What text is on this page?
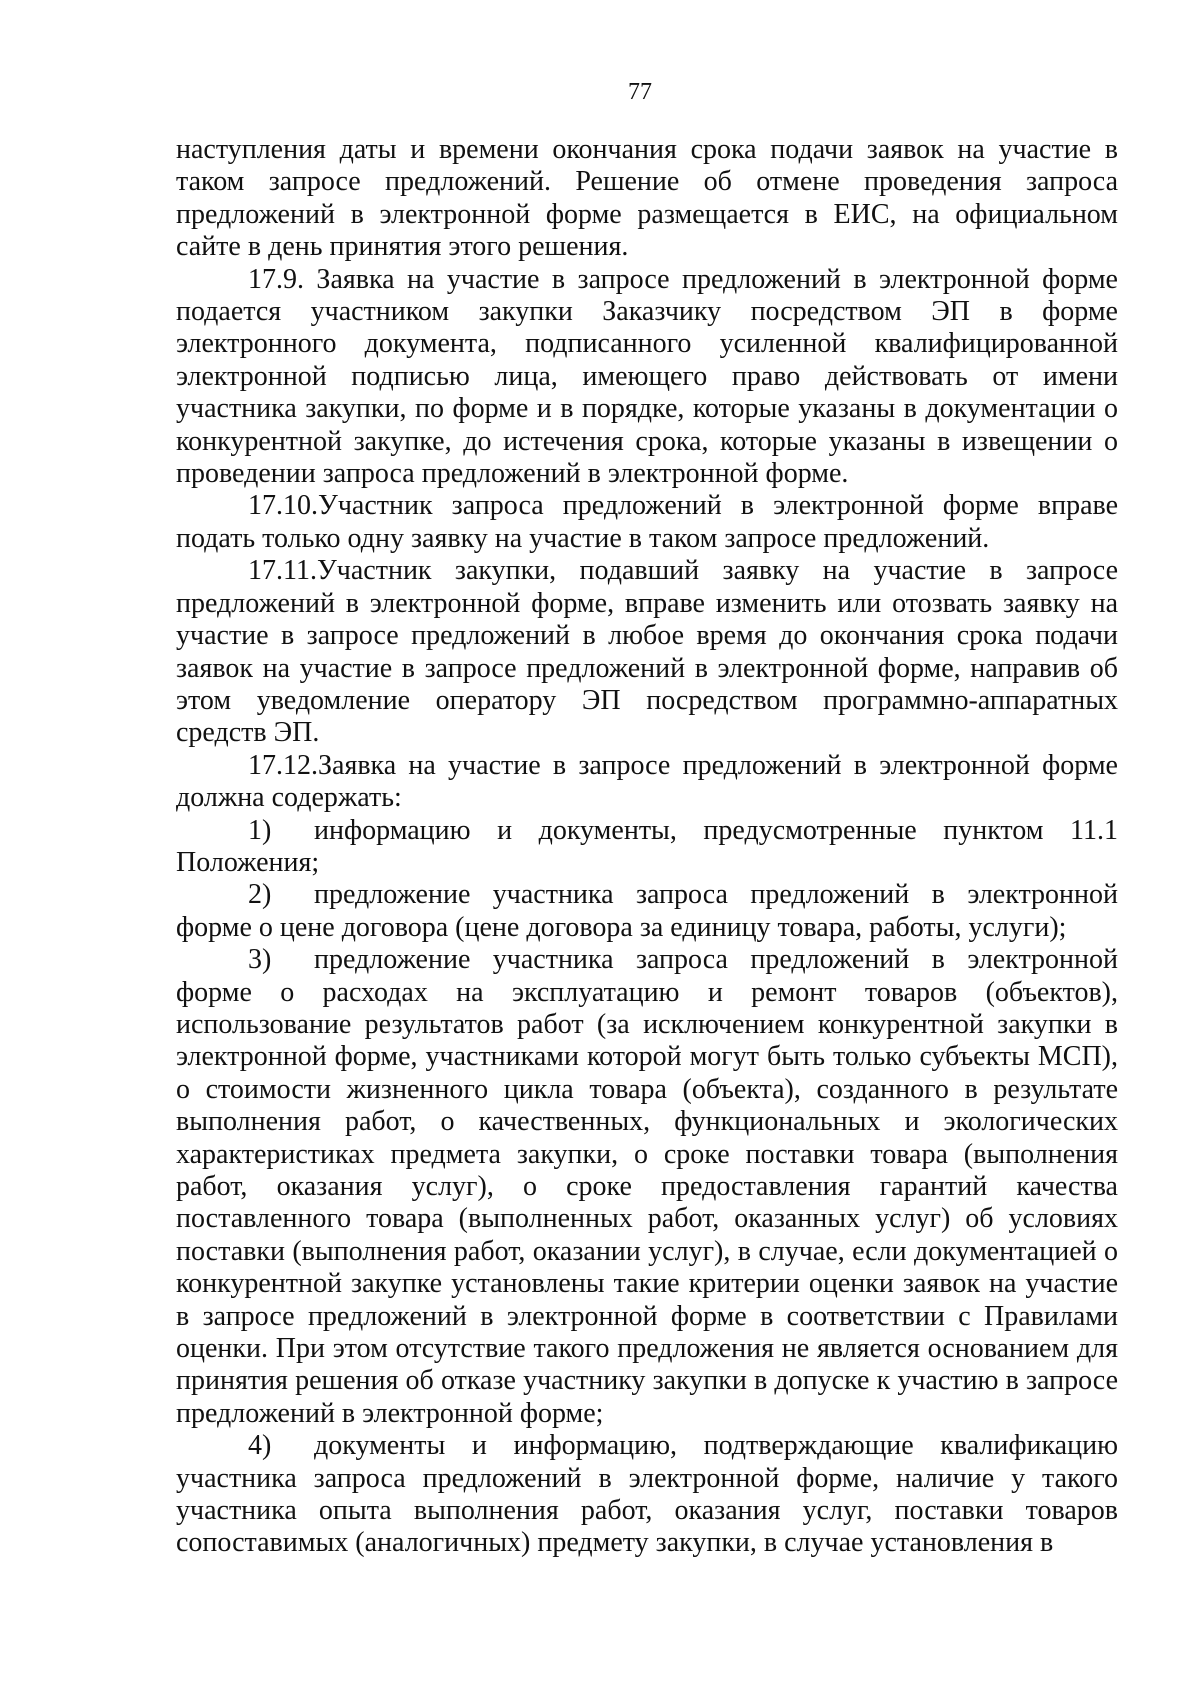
77

наступления даты и времени окончания срока подачи заявок на участие в таком запросе предложений. Решение об отмене проведения запроса предложений в электронной форме размещается в ЕИС, на официальном сайте в день принятия этого решения.

17.9. Заявка на участие в запросе предложений в электронной форме подается участником закупки Заказчику посредством ЭП в форме электронного документа, подписанного усиленной квалифицированной электронной подписью лица, имеющего право действовать от имени участника закупки, по форме и в порядке, которые указаны в документации о конкурентной закупке, до истечения срока, которые указаны в извещении о проведении запроса предложений в электронной форме.

17.10.Участник запроса предложений в электронной форме вправе подать только одну заявку на участие в таком запросе предложений.

17.11.Участник закупки, подавший заявку на участие в запросе предложений в электронной форме, вправе изменить или отозвать заявку на участие в запросе предложений в любое время до окончания срока подачи заявок на участие в запросе предложений в электронной форме, направив об этом уведомление оператору ЭП посредством программно-аппаратных средств ЭП.

17.12.Заявка на участие в запросе предложений в электронной форме должна содержать:

1) информацию и документы, предусмотренные пунктом 11.1 Положения;

2) предложение участника запроса предложений в электронной форме о цене договора (цене договора за единицу товара, работы, услуги);

3) предложение участника запроса предложений в электронной форме о расходах на эксплуатацию и ремонт товаров (объектов), использование результатов работ (за исключением конкурентной закупки в электронной форме, участниками которой могут быть только субъекты МСП), о стоимости жизненного цикла товара (объекта), созданного в результате выполнения работ, о качественных, функциональных и экологических характеристиках предмета закупки, о сроке поставки товара (выполнения работ, оказания услуг), о сроке предоставления гарантий качества поставленного товара (выполненных работ, оказанных услуг) об условиях поставки (выполнения работ, оказании услуг), в случае, если документацией о конкурентной закупке установлены такие критерии оценки заявок на участие в запросе предложений в электронной форме в соответствии с Правилами оценки. При этом отсутствие такого предложения не является основанием для принятия решения об отказе участнику закупки в допуске к участию в запросе предложений в электронной форме;

4) документы и информацию, подтверждающие квалификацию участника запроса предложений в электронной форме, наличие у такого участника опыта выполнения работ, оказания услуг, поставки товаров сопоставимых (аналогичных) предмету закупки, в случае установления в
